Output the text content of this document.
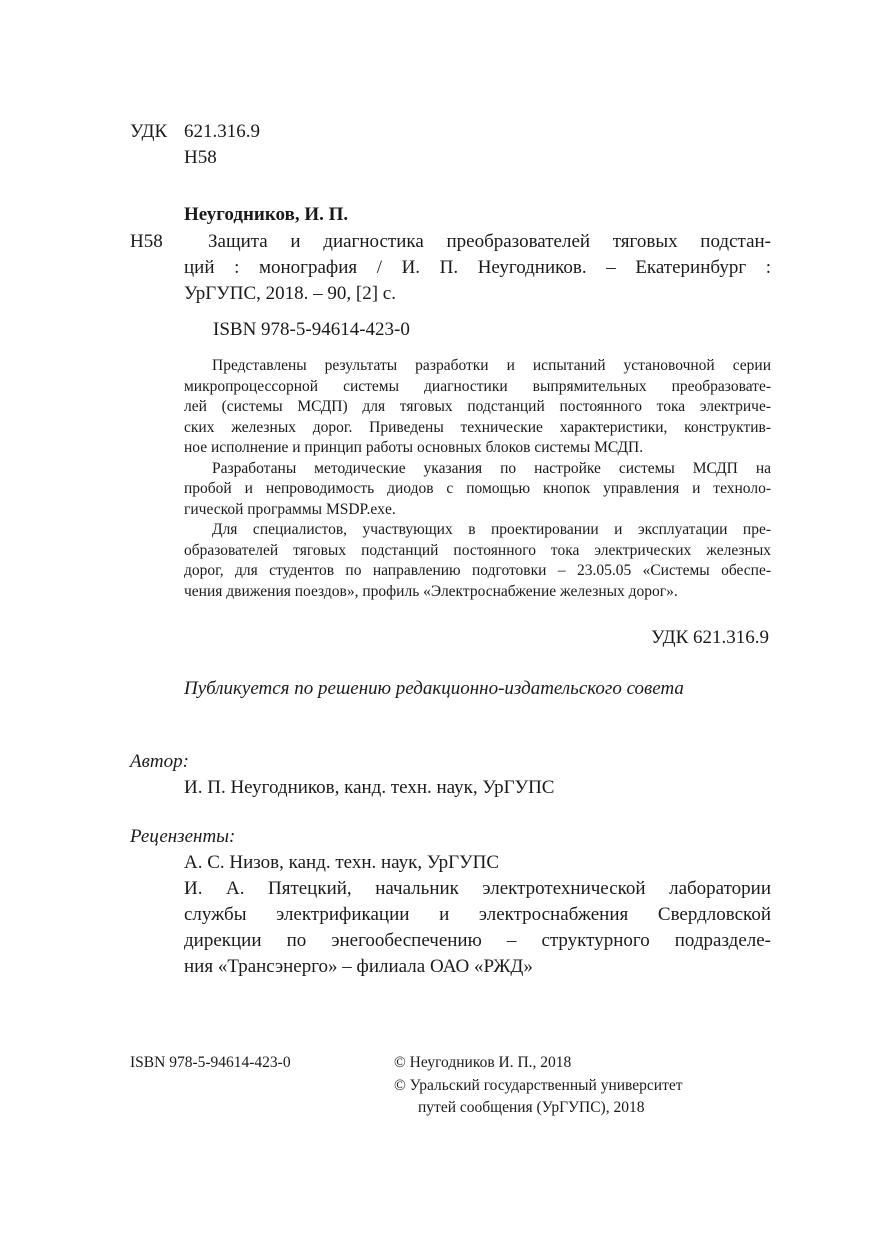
УДК 621.316.9
Н58
Неугодников, И. П.
Н58	Защита и диагностика преобразователей тяговых подстан-
ций : монография / И. П. Неугодников. – Екатеринбург :
УрГУПС, 2018. – 90, [2] с.
ISBN 978-5-94614-423-0
Представлены результаты разработки и испытаний установочной серии
микропроцессорной системы диагностики выпрямительных преобразовате-
лей (системы МСДП) для тяговых подстанций постоянного тока электриче-
ских железных дорог. Приведены технические характеристики, конструктив-
ное исполнение и принцип работы основных блоков системы МСДП.
Разработаны методические указания по настройке системы МСДП на
пробой и непроводимость диодов с помощью кнопок управления и техноло-
гической программы MSDP.exe.
Для специалистов, участвующих в проектировании и эксплуатации пре-
образователей тяговых подстанций постоянного тока электрических железных
дорог, для студентов по направлению подготовки – 23.05.05 «Системы обеспе-
чения движения поездов», профиль «Электроснабжение железных дорог».
УДК 621.316.9
Публикуется по решению редакционно-издательского совета
Автор:
И. П. Неугодников, канд. техн. наук, УрГУПС
Рецензенты:
А. С. Низов, канд. техн. наук, УрГУПС
И. А. Пятецкий, начальник электротехнической лаборатории
службы электрификации и электроснабжения Свердловской
дирекции по энегообеспечению – структурного подразделе-
ния «Трансэнерго» – филиала ОАО «РЖД»
ISBN 978-5-94614-423-0	© Неугодников И. П., 2018
© Уральский государственный университет
путей сообщения (УрГУПС), 2018
